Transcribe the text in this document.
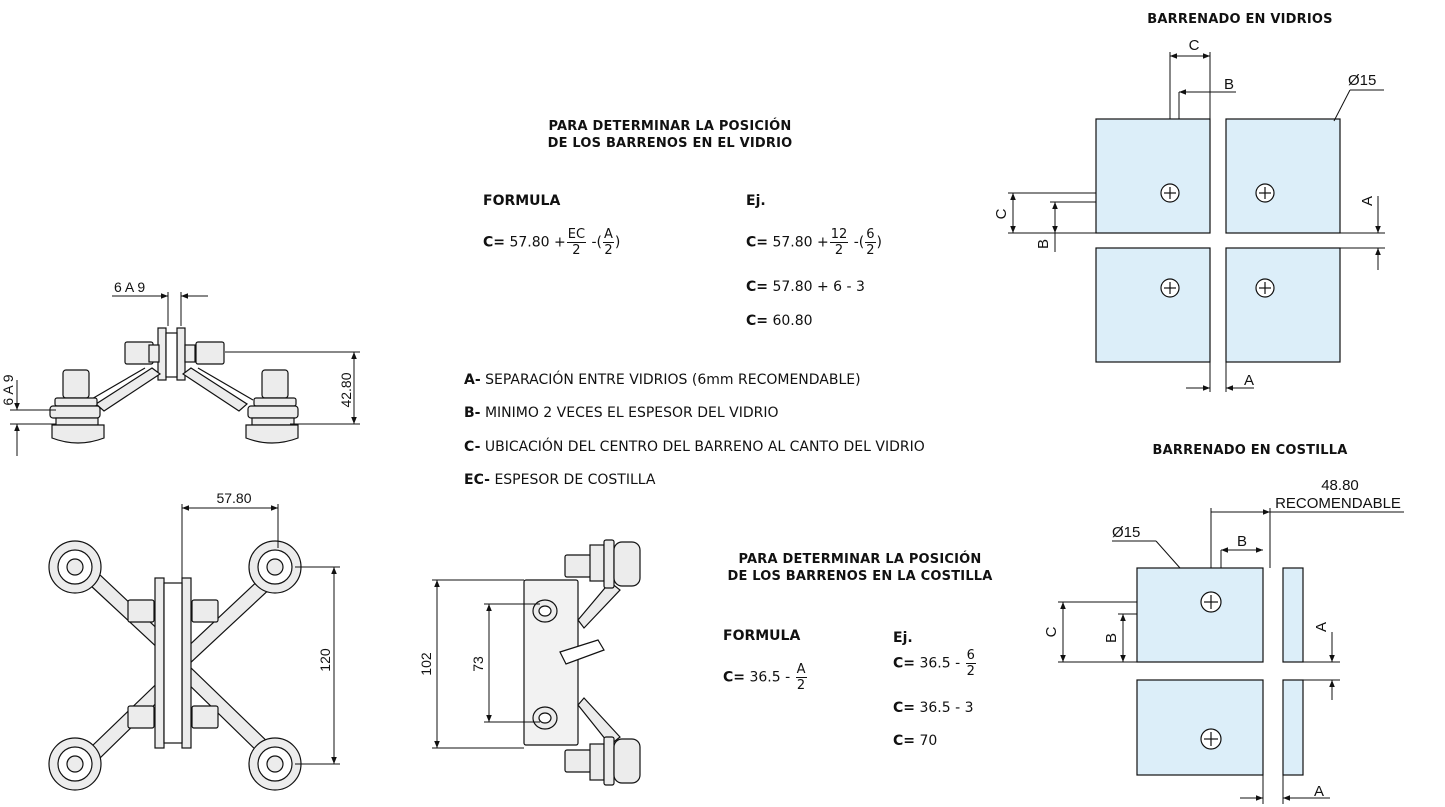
BARRENADO EN VIDRIOS
BARRENADO EN COSTILLA
PARA DETERMINAR LA POSICIÓN
DE LOS BARRENOS EN EL VIDRIO
PARA DETERMINAR LA POSICIÓN
DE LOS BARRENOS EN LA COSTILLA
FORMULA	Ej.
$C= 57.80 + \frac{EC}{2}$ -( $\frac{A}{2}$ )	$C= 57.80 + \frac{12}{2}$ -( $\frac{6}{2}$ )
C= 57.80 + 6 - 3
C= 60.80
A- SEPARACIÓN ENTRE VIDRIOS (6mm RECOMENDABLE)
B- MINIMO 2 VECES EL ESPESOR DEL VIDRIO
C- UBICACIÓN DEL CENTRO DEL BARRENO AL CANTO DEL VIDRIO
EC- ESPESOR DE COSTILLA
FORMULA	Ej.
$C= 36.5 - \frac{A}{2}$	$C= 36.5 - \frac{6}{2}$
C= 36.5 - 3
C= 70
6 A 9
42.80
6 A 9
57.80
120	102	73
C
B	Ø15
C
B
A
A
48.80
RECOMENDABLE
B
Ø15
C
B
A
A
